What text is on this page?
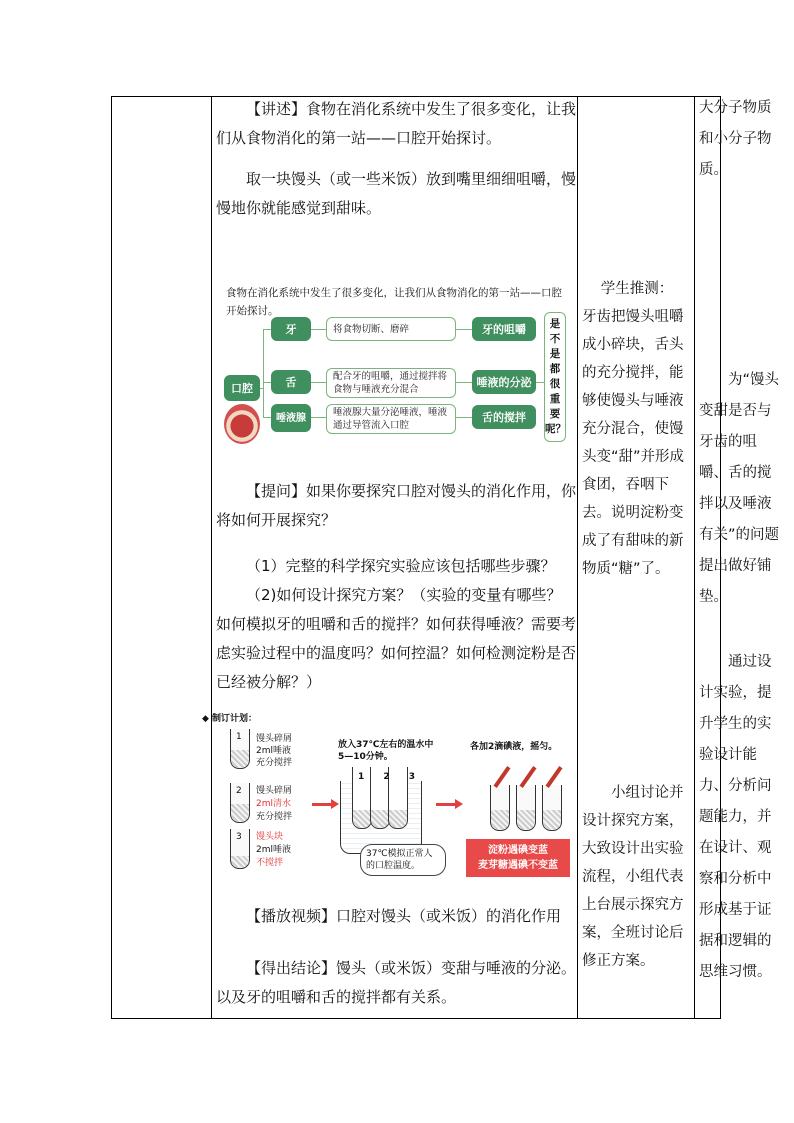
【讲述】食物在消化系统中发生了很多变化，让我们从食物消化的第一站——口腔开始探讨。

取一块馒头（或一些米饭）放到嘴里细细咀嚼，慢慢地你就能感觉到甜味。

食物在消化系统中发生了很多变化，让我们从食物消化的第一站——口腔开始探讨。
口腔
牙
舌
唾液腺
将食物切断、磨碎
配合牙的咀嚼，通过搅拌将食物与唾液充分混合
唾液腺大量分泌唾液，唾液通过导管流入口腔
牙的咀嚼
唾液的分泌
舌的搅拌
是不是都很重要呢？

【提问】如果你要探究口腔对馒头的消化作用，你将如何开展探究？

（1）完整的科学探究实验应该包括哪些步骤？

（2)如何设计探究方案？（实验的变量有哪些？如何模拟牙的咀嚼和舌的搅拌？如何获得唾液？需要考虑实验过程中的温度吗？如何控温？如何检测淀粉是否已经被分解？）

◆ 制订计划：
1 馒头碎屑
2ml唾液
充分搅拌
2 馒头碎屑
2ml清水
充分搅拌
3 馒头块
2ml唾液
不搅拌
放入37℃左右的温水中5—10分钟。
1 2 3
37℃模拟正常人的口腔温度。
各加2滴碘液，摇匀。
淀粉遇碘变蓝
麦芽糖遇碘不变蓝

【播放视频】口腔对馒头（或米饭）的消化作用

【得出结论】馒头（或米饭）变甜与唾液的分泌。以及牙的咀嚼和舌的搅拌都有关系。

学生推测：

牙齿把馒头咀嚼成小碎块，舌头的充分搅拌，能够使馒头与唾液充分混合，使馒头变“甜”并形成食团，吞咽下去。说明淀粉变成了有甜味的新物质“糖”了。

小组讨论并设计探究方案，大致设计出实验流程，小组代表上台展示探究方案，全班讨论后修正方案。

大分子物质和小分子物质。

为“馒头变甜是否与牙齿的咀嚼、舌的搅拌以及唾液有关”的问题提出做好铺垫。

通过设计实验，提升学生的实验设计能力、分析问题能力，并在设计、观察和分析中形成基于证据和逻辑的思维习惯。
